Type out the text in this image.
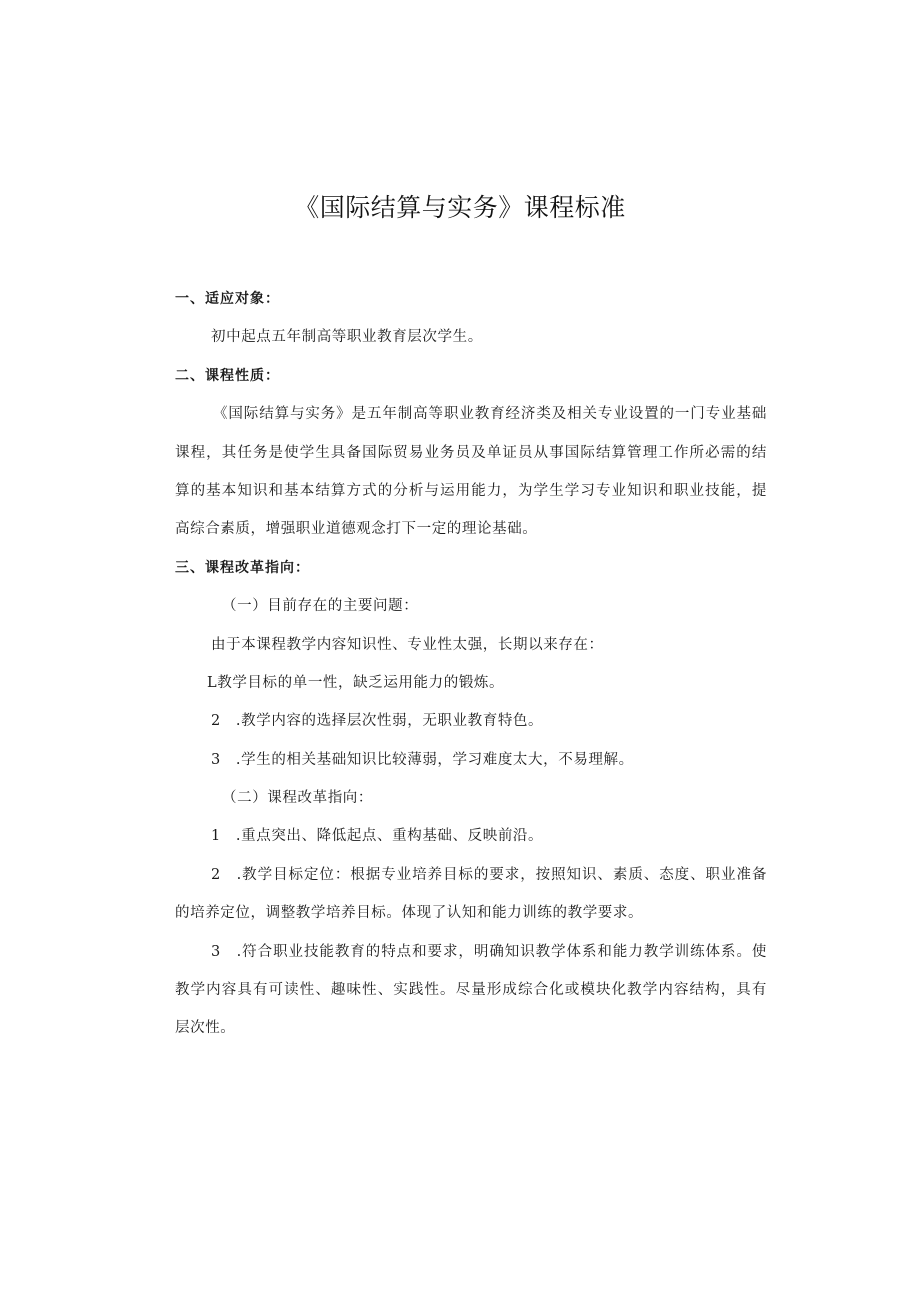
《国际结算与实务》课程标准
一、适应对象：
初中起点五年制高等职业教育层次学生。
二、课程性质：
《国际结算与实务》是五年制高等职业教育经济类及相关专业设置的一门专业基础
课程，其任务是使学生具备国际贸易业务员及单证员从事国际结算管理工作所必需的结
算的基本知识和基本结算方式的分析与运用能力，为学生学习专业知识和职业技能，提
高综合素质，增强职业道德观念打下一定的理论基础。
三、课程改革指向：
（一）目前存在的主要问题：
由于本课程教学内容知识性、专业性太强，长期以来存在：
L教学目标的单一性，缺乏运用能力的锻炼。
2　.教学内容的选择层次性弱，无职业教育特色。
3　.学生的相关基础知识比较薄弱，学习难度太大，不易理解。
（二）课程改革指向：
1　.重点突出、降低起点、重构基础、反映前沿。
2　.教学目标定位：根据专业培养目标的要求，按照知识、素质、态度、职业准备
的培养定位，调整教学培养目标。体现了认知和能力训练的教学要求。
3　.符合职业技能教育的特点和要求，明确知识教学体系和能力教学训练体系。使
教学内容具有可读性、趣味性、实践性。尽量形成综合化或模块化教学内容结构，具有
层次性。
